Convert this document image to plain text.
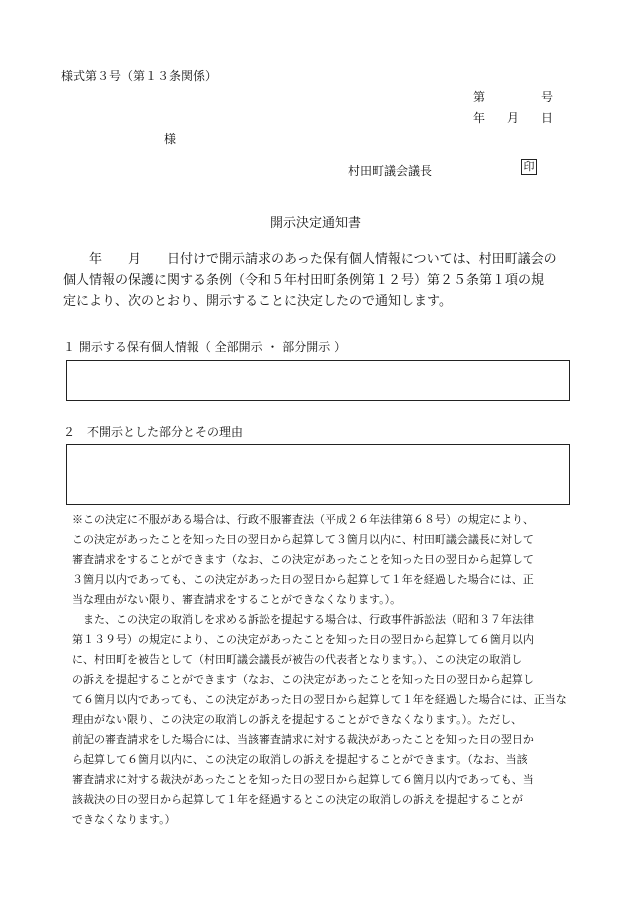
様式第３号（第１３条関係）
第	号
年 月 日
様
村田町議会議長	印
開示決定通知書
　　年　　月　　日付けで開示請求のあった保有個人情報については、村田町議会の
個人情報の保護に関する条例（令和５年村田町条例第１２号）第２５条第１項の規
定により、次のとおり、開示することに決定したので通知します。
１ 開示する保有個人情報（ 全部開示 ・ 部分開示 ）
２　不開示とした部分とその理由
※この決定に不服がある場合は、行政不服審査法（平成２６年法律第６８号）の規定により、
この決定があったことを知った日の翌日から起算して３箇月以内に、村田町議会議長に対して
審査請求をすることができます（なお、この決定があったことを知った日の翌日から起算して
３箇月以内であっても、この決定があった日の翌日から起算して１年を経過した場合には、正
当な理由がない限り、審査請求をすることができなくなります。）。
　また、この決定の取消しを求める訴訟を提起する場合は、行政事件訴訟法（昭和３７年法律
第１３９号）の規定により、この決定があったことを知った日の翌日から起算して６箇月以内
に、村田町を被告として（村田町議会議長が被告の代表者となります。）、この決定の取消し
の訴えを提起することができます（なお、この決定があったことを知った日の翌日から起算し
て６箇月以内であっても、この決定があった日の翌日から起算して１年を経過した場合には、正当な
理由がない限り、この決定の取消しの訴えを提起することができなくなります。）。ただし、
前記の審査請求をした場合には、当該審査請求に対する裁決があったことを知った日の翌日か
ら起算して６箇月以内に、この決定の取消しの訴えを提起することができます。（なお、当該
審査請求に対する裁決があったことを知った日の翌日から起算して６箇月以内であっても、当
該裁決の日の翌日から起算して１年を経過するとこの決定の取消しの訴えを提起することが
できなくなります。）
